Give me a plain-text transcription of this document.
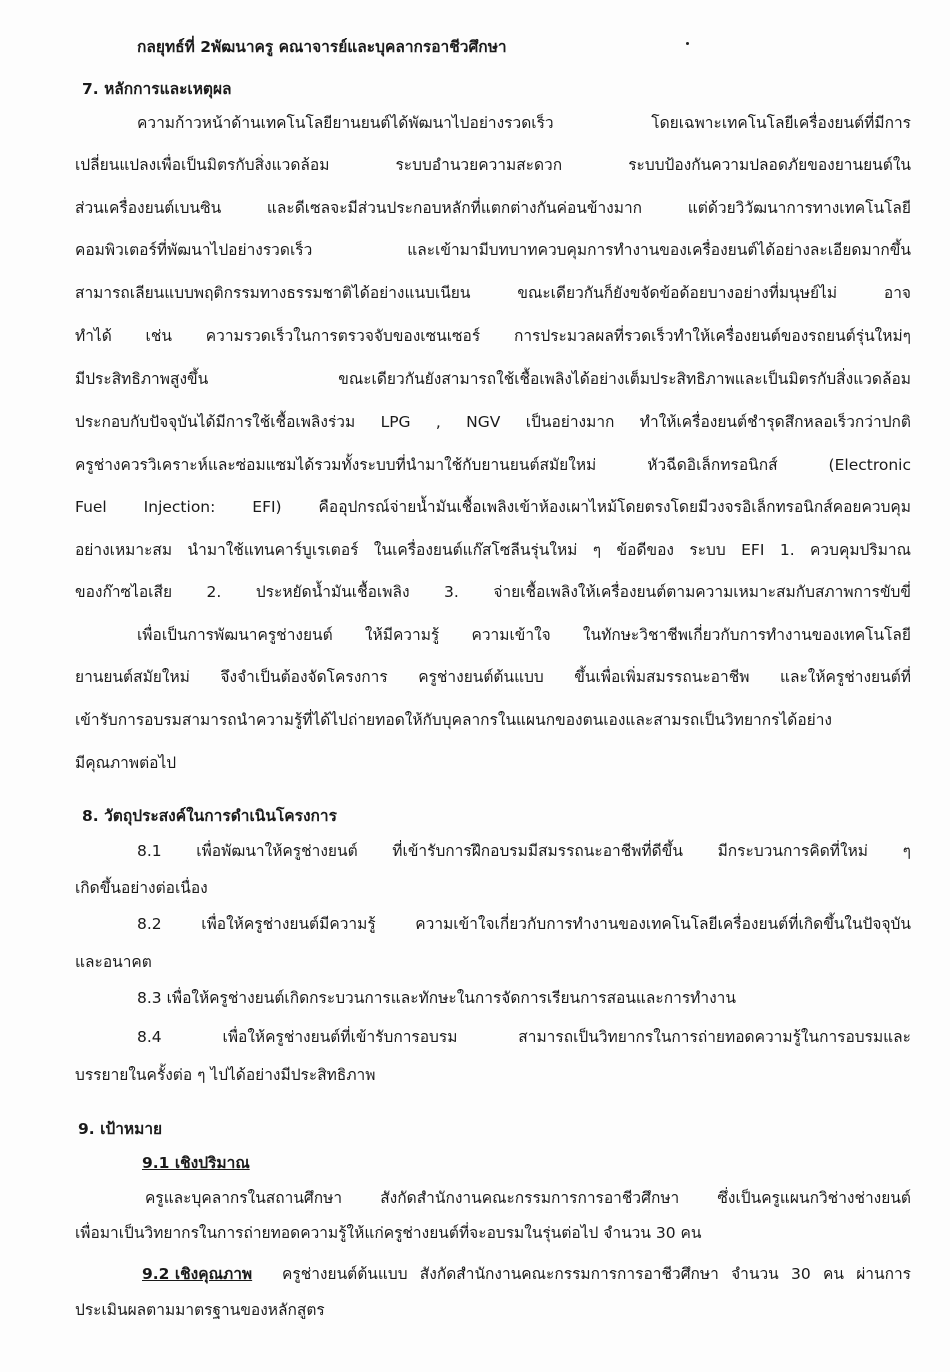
กลยุทธ์ที่ 2พัฒนาครู คณาจารย์และบุคลากรอาชีวศึกษา
7. หลักการและเหตุผล
ความก้าวหน้าด้านเทคโนโลยียานยนต์ได้พัฒนาไปอย่างรวดเร็ว โดยเฉพาะเทคโนโลยีเครื่องยนต์ที่มีการ
เปลี่ยนแปลงเพื่อเป็นมิตรกับสิ่งแวดล้อม ระบบอำนวยความสะดวก ระบบป้องกันความปลอดภัยของยานยนต์ใน
ส่วนเครื่องยนต์เบนซิน และดีเซลจะมีส่วนประกอบหลักที่แตกต่างกันค่อนข้างมาก แต่ด้วยวิวัฒนาการทางเทคโนโลยี
คอมพิวเตอร์ที่พัฒนาไปอย่างรวดเร็ว และเข้ามามีบทบาทควบคุมการทำงานของเครื่องยนต์ได้อย่างละเอียดมากขึ้น
สามารถเลียนแบบพฤติกรรมทางธรรมชาติได้อย่างแนบเนียน ขณะเดียวกันก็ยังขจัดข้อด้อยบางอย่างที่มนุษย์ไม่ อาจ
ทำได้ เช่น ความรวดเร็วในการตรวจจับของเซนเซอร์ การประมวลผลที่รวดเร็วทำให้เครื่องยนต์ของรถยนต์รุ่นใหม่ๆ
มีประสิทธิภาพสูงขึ้น ขณะเดียวกันยังสามารถใช้เชื้อเพลิงได้อย่างเต็มประสิทธิภาพและเป็นมิตรกับสิ่งแวดล้อม
ประกอบกับปัจจุบันได้มีการใช้เชื้อเพลิงร่วม LPG , NGV เป็นอย่างมาก ทำให้เครื่องยนต์ชำรุดสึกหลอเร็วกว่าปกติ
ครูช่างควรวิเคราะห์และซ่อมแซมได้รวมทั้งระบบที่นำมาใช้กับยานยนต์สมัยใหม่ หัวฉีดอิเล็กทรอนิกส์ (Electronic
Fuel Injection: EFI) คืออุปกรณ์จ่ายน้ำมันเชื้อเพลิงเข้าห้องเผาไหม้โดยตรงโดยมีวงจรอิเล็กทรอนิกส์คอยควบคุม
อย่างเหมาะสม นำมาใช้แทนคาร์บูเรเตอร์ ในเครื่องยนต์แก๊สโซลีนรุ่นใหม่ ๆ ข้อดีของ ระบบ EFI 1. ควบคุมปริมาณ
ของก๊าซไอเสีย 2. ประหยัดน้ำมันเชื้อเพลิง 3. จ่ายเชื้อเพลิงให้เครื่องยนต์ตามความเหมาะสมกับสภาพการขับขี่
เพื่อเป็นการพัฒนาครูช่างยนต์ ให้มีความรู้ ความเข้าใจ ในทักษะวิชาชีพเกี่ยวกับการทำงานของเทคโนโลยี
ยานยนต์สมัยใหม่ จึงจำเป็นต้องจัดโครงการ ครูช่างยนต์ต้นแบบ ขึ้นเพื่อเพิ่มสมรรถนะอาชีพ และให้ครูช่างยนต์ที่
เข้ารับการอบรมสามารถนำความรู้ที่ได้ไปถ่ายทอดให้กับบุคลากรในแผนกของตนเองและสามรถเป็นวิทยากรได้อย่าง
มีคุณภาพต่อไป
8. วัตถุประสงค์ในการดำเนินโครงการ
8.1 เพื่อพัฒนาให้ครูช่างยนต์ ที่เข้ารับการฝึกอบรมมีสมรรถนะอาชีพที่ดีขึ้น มีกระบวนการคิดที่ใหม่ ๆ
เกิดขึ้นอย่างต่อเนื่อง
8.2 เพื่อให้ครูช่างยนต์มีความรู้ ความเข้าใจเกี่ยวกับการทำงานของเทคโนโลยีเครื่องยนต์ที่เกิดขึ้นในปัจจุบัน
และอนาคต
8.3 เพื่อให้ครูช่างยนต์เกิดกระบวนการและทักษะในการจัดการเรียนการสอนและการทำงาน
8.4 เพื่อให้ครูช่างยนต์ที่เข้ารับการอบรม สามารถเป็นวิทยากรในการถ่ายทอดความรู้ในการอบรมและ
บรรยายในครั้งต่อ ๆ ไปได้อย่างมีประสิทธิภาพ
9. เป้าหมาย
9.1 เชิงปริมาณ
ครูและบุคลากรในสถานศึกษา สังกัดสำนักงานคณะกรรมการการอาชีวศึกษา ซึ่งเป็นครูแผนกวิช่างช่างยนต์
เพื่อมาเป็นวิทยากรในการถ่ายทอดความรู้ให้แก่ครูช่างยนต์ที่จะอบรมในรุ่นต่อไป จำนวน 30 คน
9.2 เชิงคุณภาพ ครูช่างยนต์ต้นแบบ สังกัดสำนักงานคณะกรรมการการอาชีวศึกษา จำนวน 30 คน ผ่านการ
ประเมินผลตามมาตรฐานของหลักสูตร
